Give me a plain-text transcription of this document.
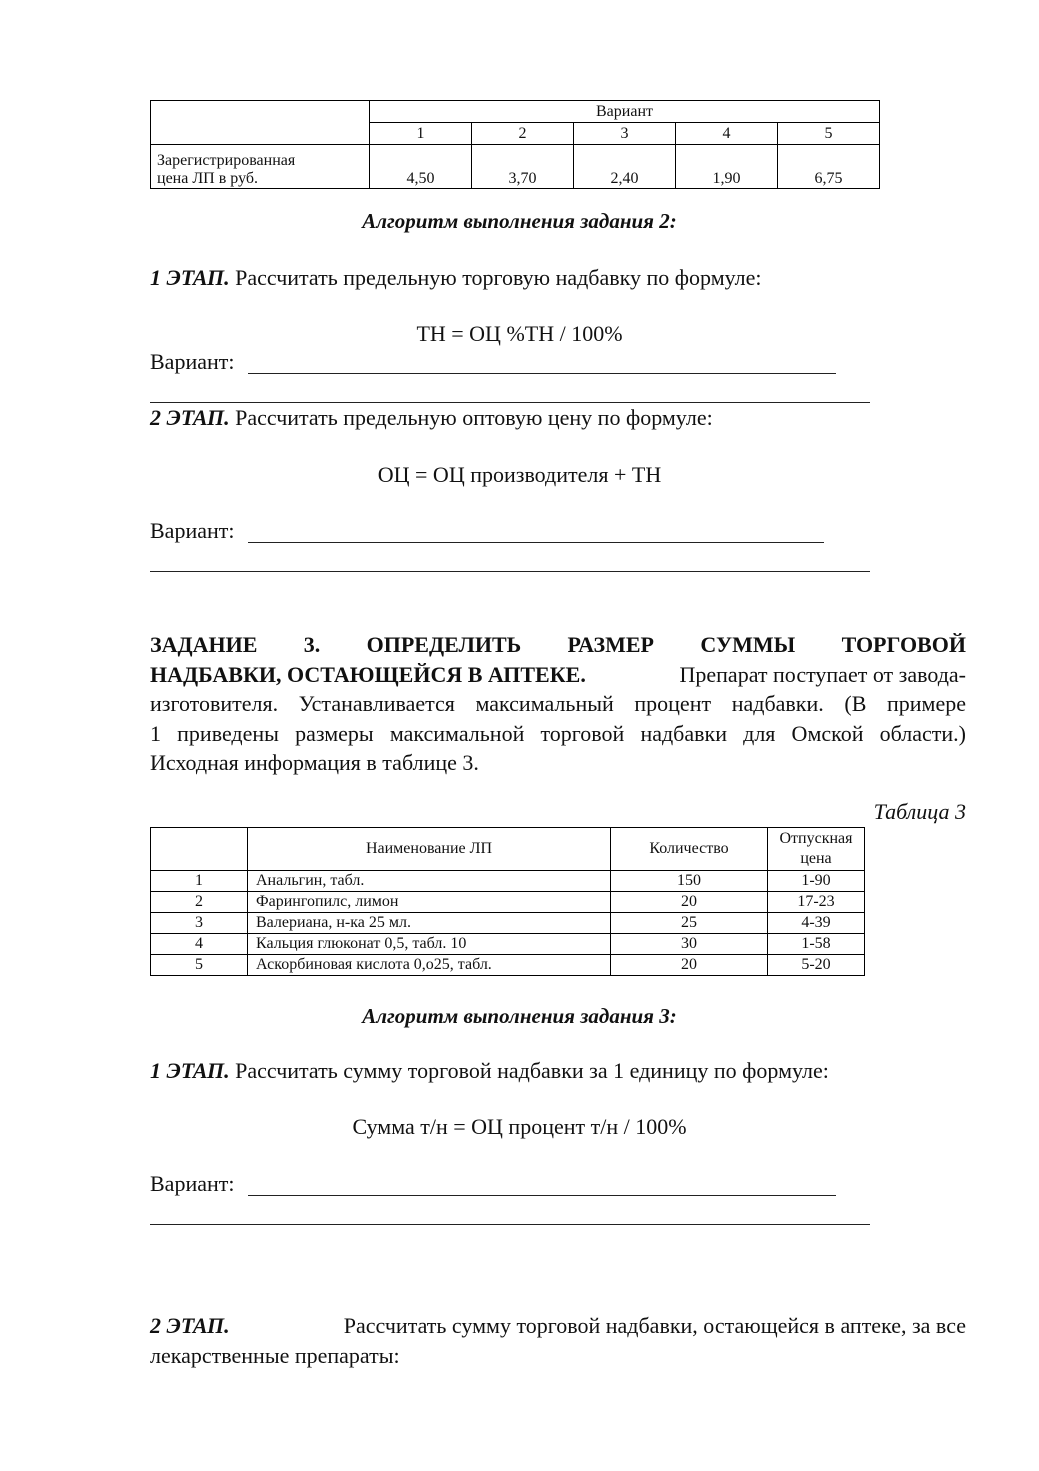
	Вариант				
	1	2	3	4	5

Зарегистрированная
цена ЛП в руб.	4,50	3,70	2,40	1,90	6,75
Алгоритм выполнения задания 2:
1 ЭТАП. Рассчитать предельную торговую надбавку по формуле:
ТН = ОЦ %ТН / 100%
Вариант:
2 ЭТАП. Рассчитать предельную оптовую цену по формуле:
ОЦ = ОЦ производителя + ТН
Вариант:
ЗАДАНИЕ 3. ОПРЕДЕЛИТЬ РАЗМЕР СУММЫ ТОРГОВОЙ
НАДБАВКИ, ОСТАЮЩЕЙСЯ В АПТЕКЕ.	Препарат поступает от завода-
изготовителя. Устанавливается максимальный процент надбавки. (В примере
1 приведены размеры максимальной торговой надбавки для Омской области.)
Исходная информация в таблице 3.
Таблица 3
	Наименование ЛП	Количество	Отпускная
цена

1	Анальгин, табл.	150	1-90
2	Фарингопилс, лимон	20	17-23
3	Валериана, н-ка 25 мл.	25	4-39
4	Кальция глюконат 0,5, табл. 10	30	1-58
5	Аскорбиновая кислота 0,о25, табл.	20	5-20
Алгоритм выполнения задания 3:
1 ЭТАП. Рассчитать сумму торговой надбавки за 1 единицу по формуле:
Сумма т/н = ОЦ процент т/н / 100%
Вариант:
2 ЭТАП.	Рассчитать сумму торговой надбавки, остающейся в аптеке, за все
лекарственные препараты:
